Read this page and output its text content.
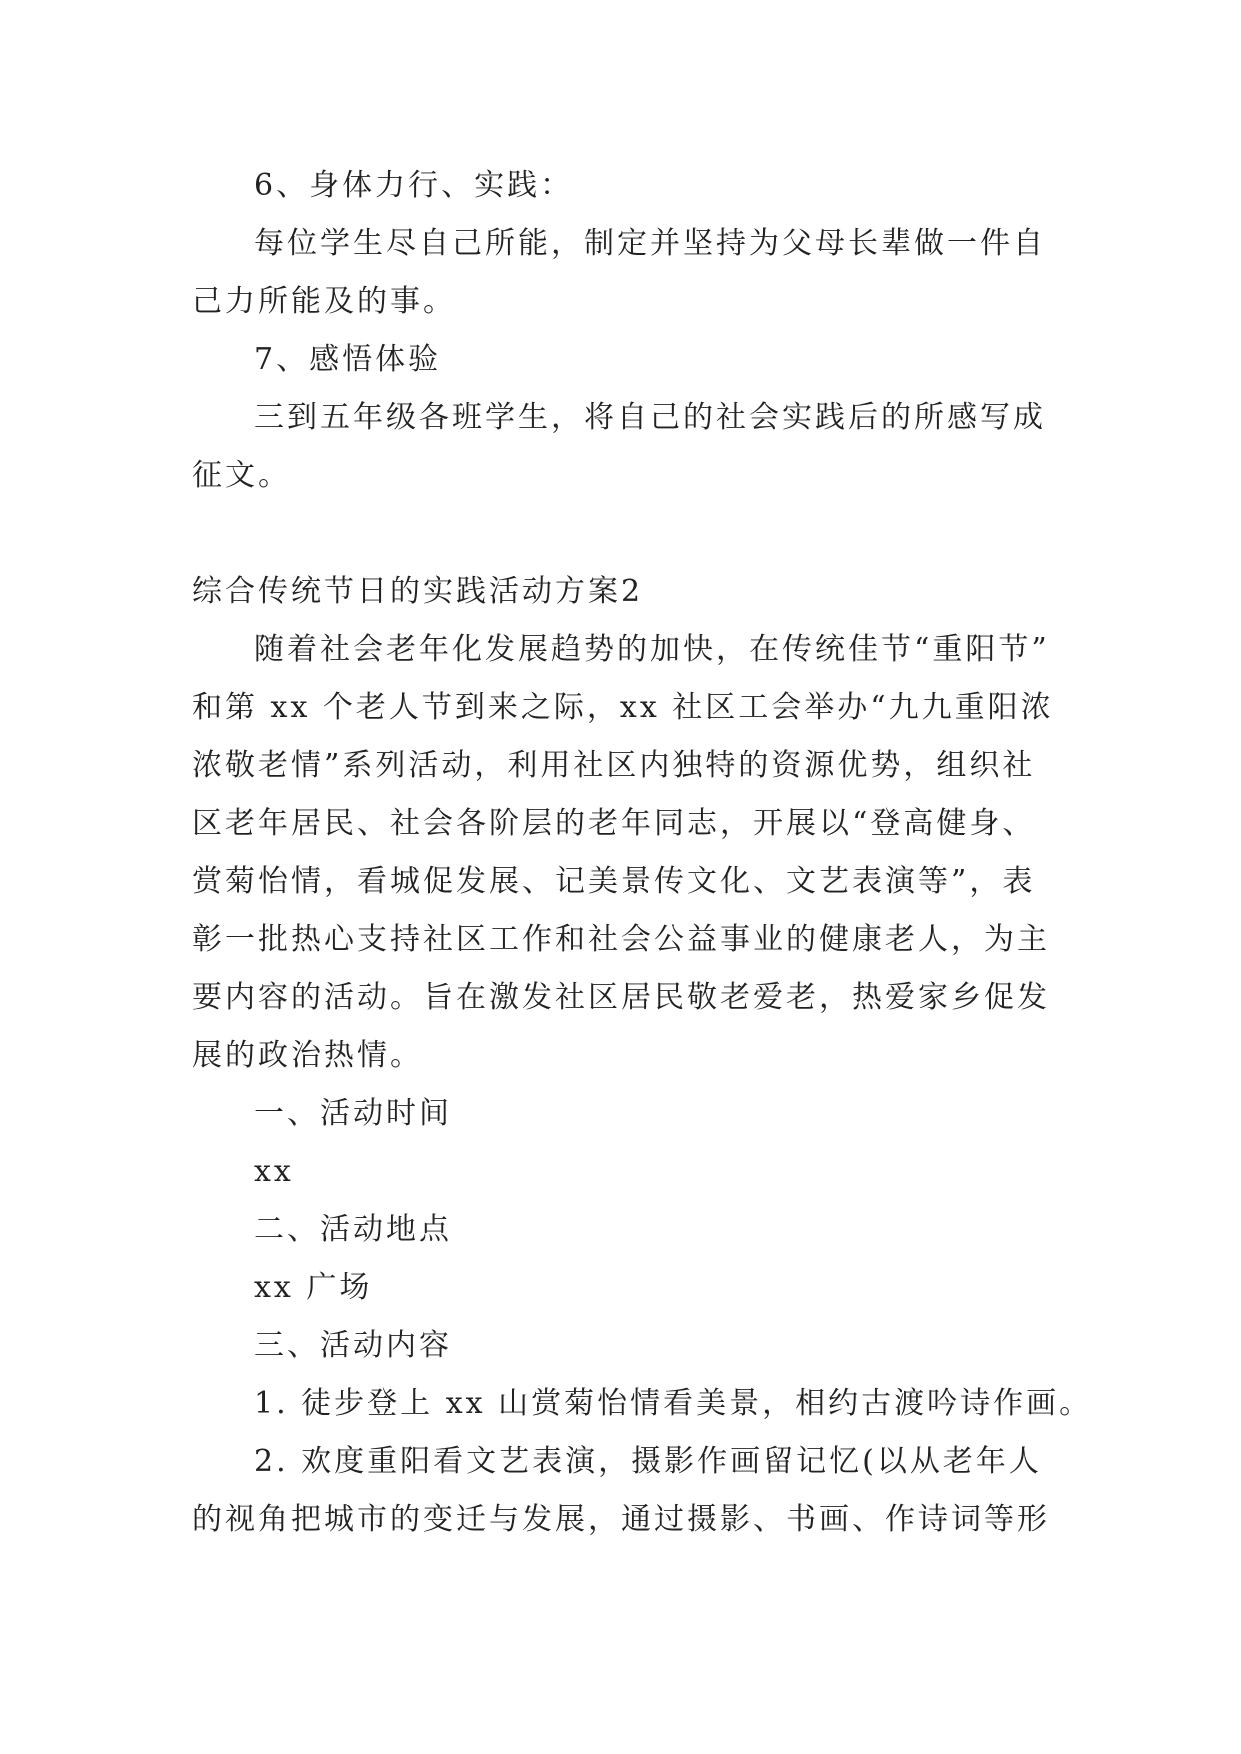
6、身体力行、实践：
每位学生尽自己所能，制定并坚持为父母长辈做一件自
己力所能及的事。
7、感悟体验
三到五年级各班学生，将自己的社会实践后的所感写成
征文。
综合传统节日的实践活动方案2
随着社会老年化发展趋势的加快，在传统佳节“重阳节”
和第 xx 个老人节到来之际，xx 社区工会举办“九九重阳浓
浓敬老情”系列活动，利用社区内独特的资源优势，组织社
区老年居民、社会各阶层的老年同志，开展以“登高健身、
赏菊怡情，看城促发展、记美景传文化、文艺表演等”，表
彰一批热心支持社区工作和社会公益事业的健康老人，为主
要内容的活动。旨在激发社区居民敬老爱老，热爱家乡促发
展的政治热情。
一、活动时间
xx
二、活动地点
xx 广场
三、活动内容
1. 徒步登上 xx 山赏菊怡情看美景，相约古渡吟诗作画。
2. 欢度重阳看文艺表演，摄影作画留记忆(以从老年人
的视角把城市的变迁与发展，通过摄影、书画、作诗词等形
